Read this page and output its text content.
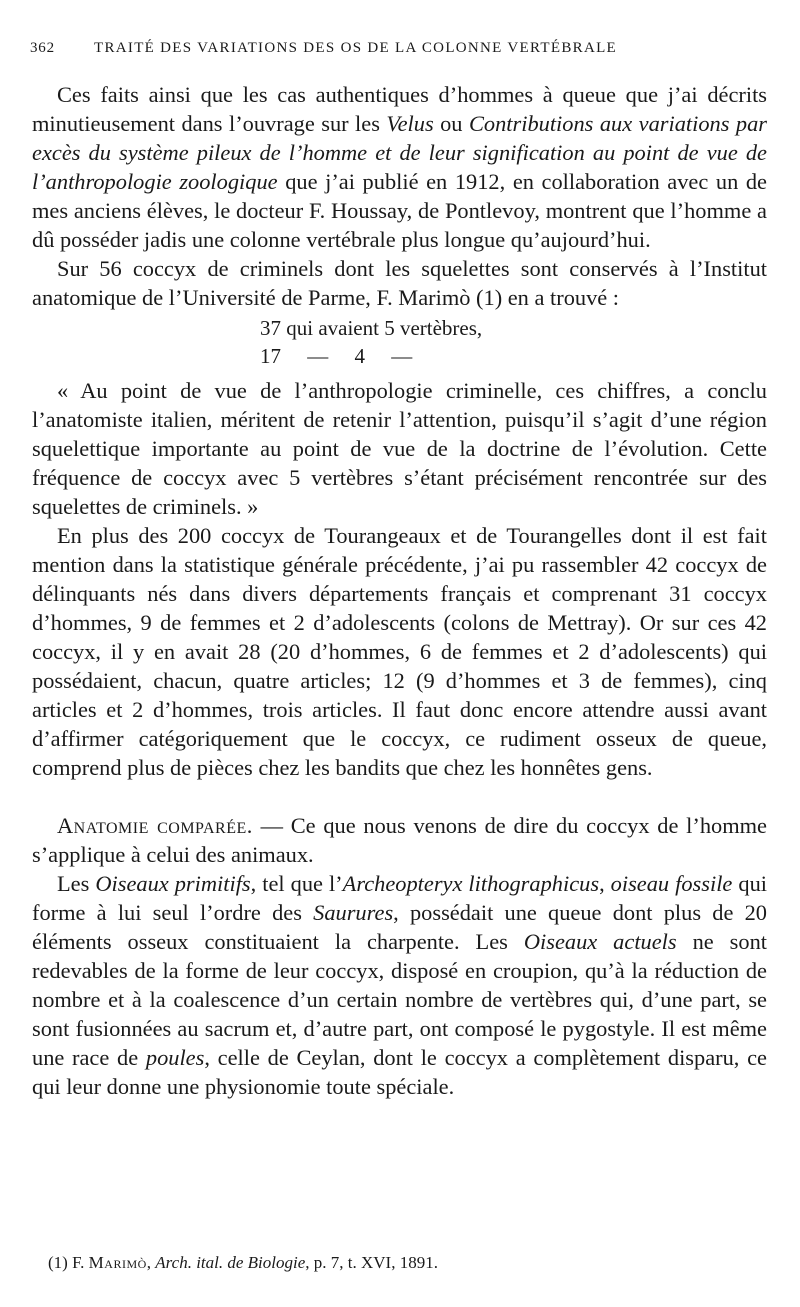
362	TRAITÉ DES VARIATIONS DES OS DE LA COLONNE VERTÉBRALE

Ces faits ainsi que les cas authentiques d’hommes à queue que j’ai décrits minutieusement dans l’ouvrage sur les Velus ou Contributions aux variations par excès du système pileux de l’homme et de leur signification au point de vue de l’anthropologie zoologique que j’ai publié en 1912, en collaboration avec un de mes anciens élèves, le docteur F. Houssay, de Pontlevoy, montrent que l’homme a dû posséder jadis une colonne vertébrale plus longue qu’aujourd’hui.

Sur 56 coccyx de criminels dont les squelettes sont conservés à l’Institut anatomique de l’Université de Parme, F. Marimò (1) en a trouvé :

37 qui avaient 5 vertèbres,
17     —     4     —

« Au point de vue de l’anthropologie criminelle, ces chiffres, a conclu l’anatomiste italien, méritent de retenir l’attention, puisqu’il s’agit d’une région squelettique importante au point de vue de la doctrine de l’évolution. Cette fréquence de coccyx avec 5 vertèbres s’étant précisément rencontrée sur des squelettes de criminels. »

En plus des 200 coccyx de Tourangeaux et de Tourangelles dont il est fait mention dans la statistique générale précédente, j’ai pu rassembler 42 coccyx de délinquants nés dans divers départements français et comprenant 31 coccyx d’hommes, 9 de femmes et 2 d’adolescents (colons de Mettray). Or sur ces 42 coccyx, il y en avait 28 (20 d’hommes, 6 de femmes et 2 d’adolescents) qui possédaient, chacun, quatre articles; 12 (9 d’hommes et 3 de femmes), cinq articles et 2 d’hommes, trois articles. Il faut donc encore attendre aussi avant d’affirmer catégoriquement que le coccyx, ce rudiment osseux de queue, comprend plus de pièces chez les bandits que chez les honnêtes gens.

Anatomie comparée. — Ce que nous venons de dire du coccyx de l’homme s’applique à celui des animaux.

Les Oiseaux primitifs, tel que l’Archeopteryx lithographicus, oiseau fossile qui forme à lui seul l’ordre des Saurures, possédait une queue dont plus de 20 éléments osseux constituaient la charpente. Les Oiseaux actuels ne sont redevables de la forme de leur coccyx, disposé en croupion, qu’à la réduction de nombre et à la coalescence d’un certain nombre de vertèbres qui, d’une part, se sont fusionnées au sacrum et, d’autre part, ont composé le pygostyle. Il est même une race de poules, celle de Ceylan, dont le coccyx a complètement disparu, ce qui leur donne une physionomie toute spéciale.

(1) F. Marimò, Arch. ital. de Biologie, p. 7, t. XVI, 1891.
